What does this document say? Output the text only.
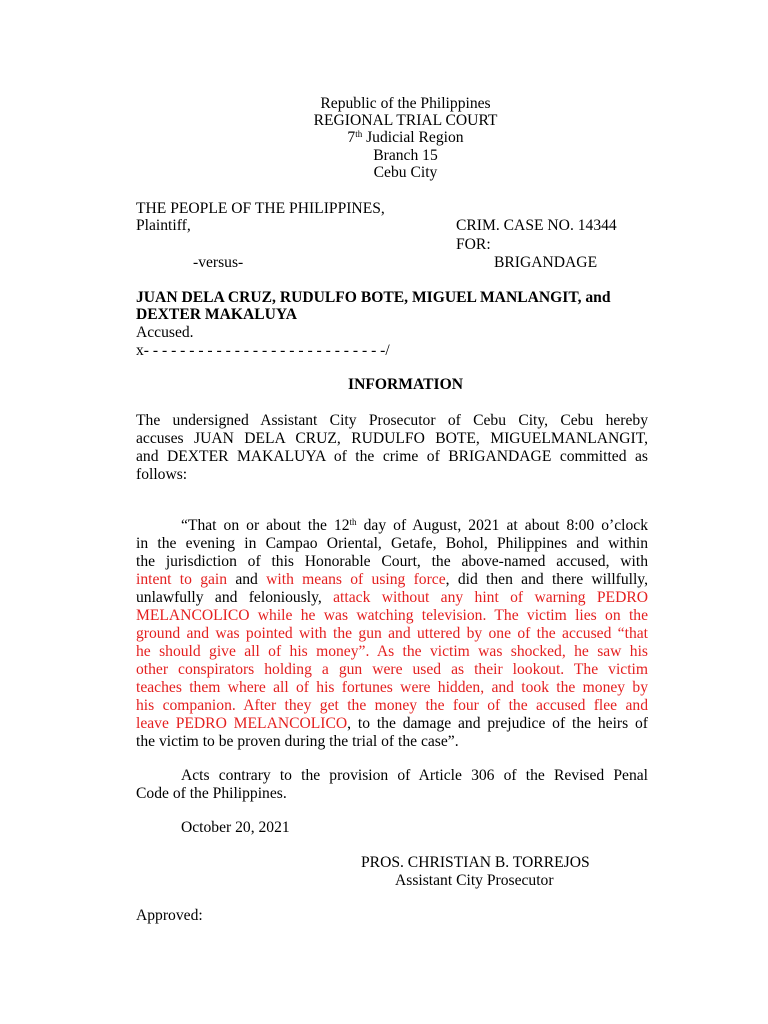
Republic of the Philippines
REGIONAL TRIAL COURT
7th Judicial Region
Branch 15
Cebu City
THE PEOPLE OF THE PHILIPPINES,
Plaintiff,	CRIM. CASE NO. 14344
FOR:
-versus-	BRIGANDAGE
JUAN DELA CRUZ, RUDULFO BOTE, MIGUEL MANLANGIT, and
DEXTER MAKALUYA
Accused.
x- - - - - - - - - - - - - - - - - - - - - - - - - - -/
INFORMATION
The undersigned Assistant City Prosecutor of Cebu City, Cebu hereby
accuses JUAN DELA CRUZ, RUDULFO BOTE, MIGUELMANLANGIT,
and DEXTER MAKALUYA of the crime of BRIGANDAGE committed as
follows:
“That on or about the 12th day of August, 2021 at about 8:00 o’clock
in the evening in Campao Oriental, Getafe, Bohol, Philippines and within
the jurisdiction of this Honorable Court, the above-named accused, with
intent to gain and with means of using force, did then and there willfully,
unlawfully and feloniously, attack without any hint of warning PEDRO
MELANCOLICO while he was watching television. The victim lies on the
ground and was pointed with the gun and uttered by one of the accused “that
he should give all of his money”. As the victim was shocked, he saw his
other conspirators holding a gun were used as their lookout. The victim
teaches them where all of his fortunes were hidden, and took the money by
his companion. After they get the money the four of the accused flee and
leave PEDRO MELANCOLICO, to the damage and prejudice of the heirs of
the victim to be proven during the trial of the case”.
Acts contrary to the provision of Article 306 of the Revised Penal
Code of the Philippines.
October 20, 2021
PROS. CHRISTIAN B. TORREJOS
Assistant City Prosecutor
Approved:
